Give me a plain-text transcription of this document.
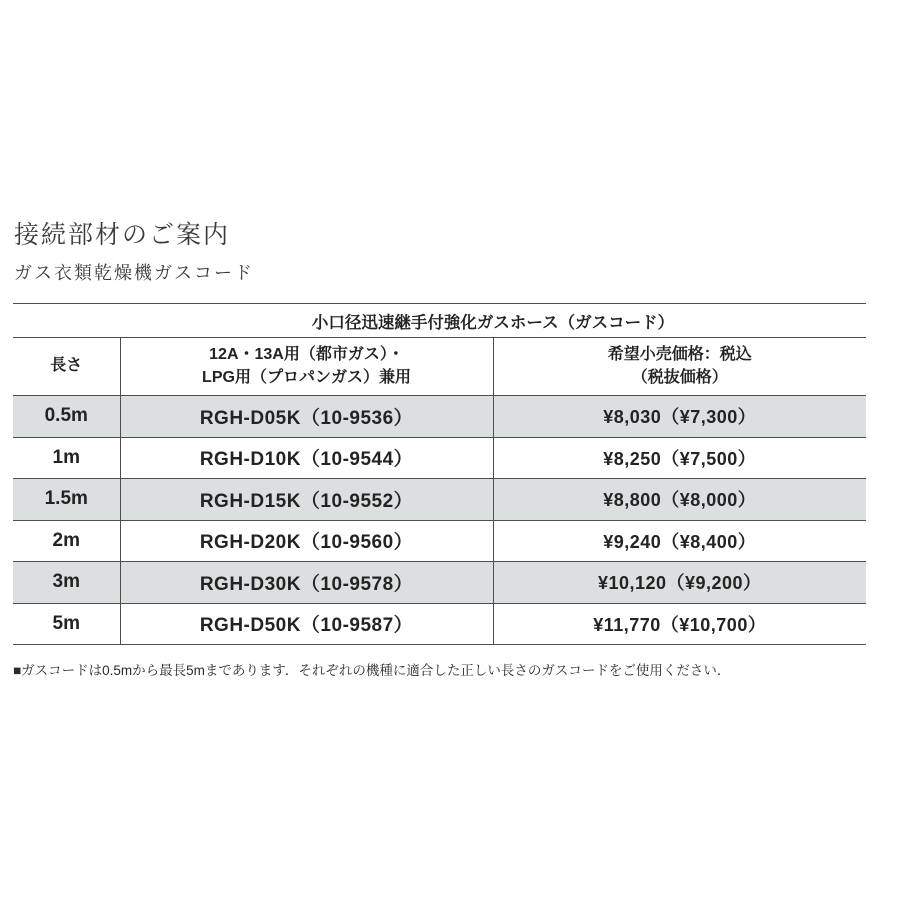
接続部材のご案内
ガス衣類乾燥機ガスコード
小口径迅速継手付強化ガスホース（ガスコード）		
長さ	
12A・13A用（都市ガス）・
LPG用（プロパンガス）兼用

希望小売価格：税込
（税抜価格）

0.5m	RGH-D05K（10-9536）	¥8,030（¥7,300）
1m	RGH-D10K（10-9544）	¥8,250（¥7,500）
1.5m	RGH-D15K（10-9552）	¥8,800（¥8,000）
2m	RGH-D20K（10-9560）	¥9,240（¥8,400）
3m	RGH-D30K（10-9578）	¥10,120（¥9,200）
5m	RGH-D50K（10-9587）	¥11,770（¥10,700）
■ガスコードは0.5mから最長5mまであります．それぞれの機種に適合した正しい長さのガスコードをご使用ください．
